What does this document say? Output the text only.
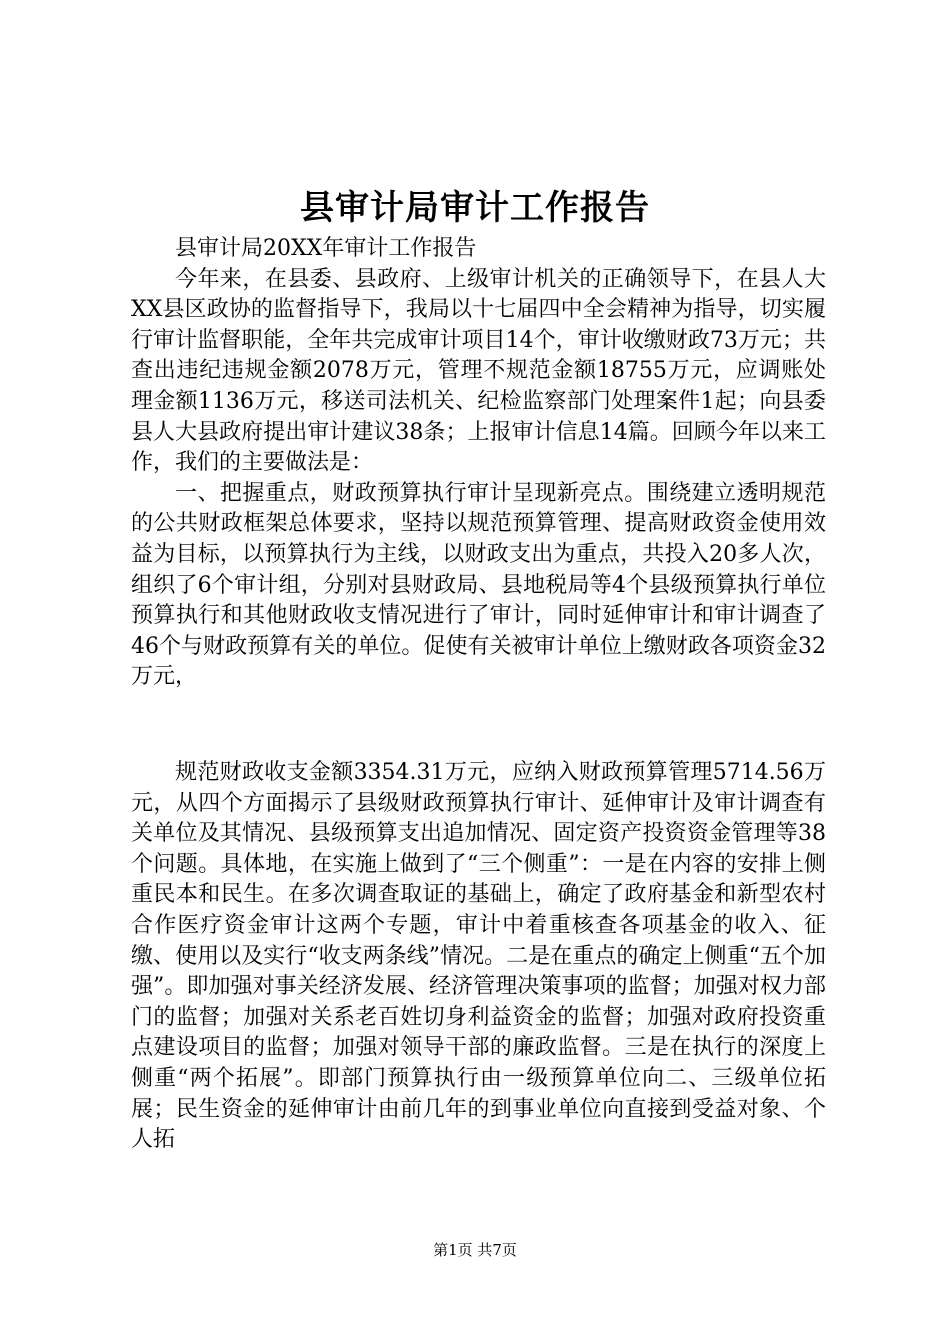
县审计局审计工作报告

县审计局20XX年审计工作报告

今年来，在县委、县政府、上级审计机关的正确领导下，在县人大XX县区政协的监督指导下，我局以十七届四中全会精神为指导，切实履行审计监督职能，全年共完成审计项目14个，审计收缴财政73万元；共查出违纪违规金额2078万元，管理不规范金额18755万元，应调账处理金额1136万元，移送司法机关、纪检监察部门处理案件1起；向县委县人大县政府提出审计建议38条；上报审计信息14篇。回顾今年以来工作，我们的主要做法是：

一、把握重点，财政预算执行审计呈现新亮点。围绕建立透明规范的公共财政框架总体要求，坚持以规范预算管理、提高财政资金使用效益为目标，以预算执行为主线，以财政支出为重点，共投入20多人次，组织了6个审计组，分别对县财政局、县地税局等4个县级预算执行单位预算执行和其他财政收支情况进行了审计，同时延伸审计和审计调查了46个与财政预算有关的单位。促使有关被审计单位上缴财政各项资金32万元，

规范财政收支金额3354.31万元，应纳入财政预算管理5714.56万元，从四个方面揭示了县级财政预算执行审计、延伸审计及审计调查有关单位及其情况、县级预算支出追加情况、固定资产投资资金管理等38个问题。具体地，在实施上做到了“三个侧重”：一是在内容的安排上侧重民本和民生。在多次调查取证的基础上，确定了政府基金和新型农村合作医疗资金审计这两个专题，审计中着重核查各项基金的收入、征缴、使用以及实行“收支两条线”情况。二是在重点的确定上侧重“五个加强”。即加强对事关经济发展、经济管理决策事项的监督；加强对权力部门的监督；加强对关系老百姓切身利益资金的监督；加强对政府投资重点建设项目的监督；加强对领导干部的廉政监督。三是在执行的深度上侧重“两个拓展”。即部门预算执行由一级预算单位向二、三级单位拓展；民生资金的延伸审计由前几年的到事业单位向直接到受益对象、个人拓

第1页 共7页
